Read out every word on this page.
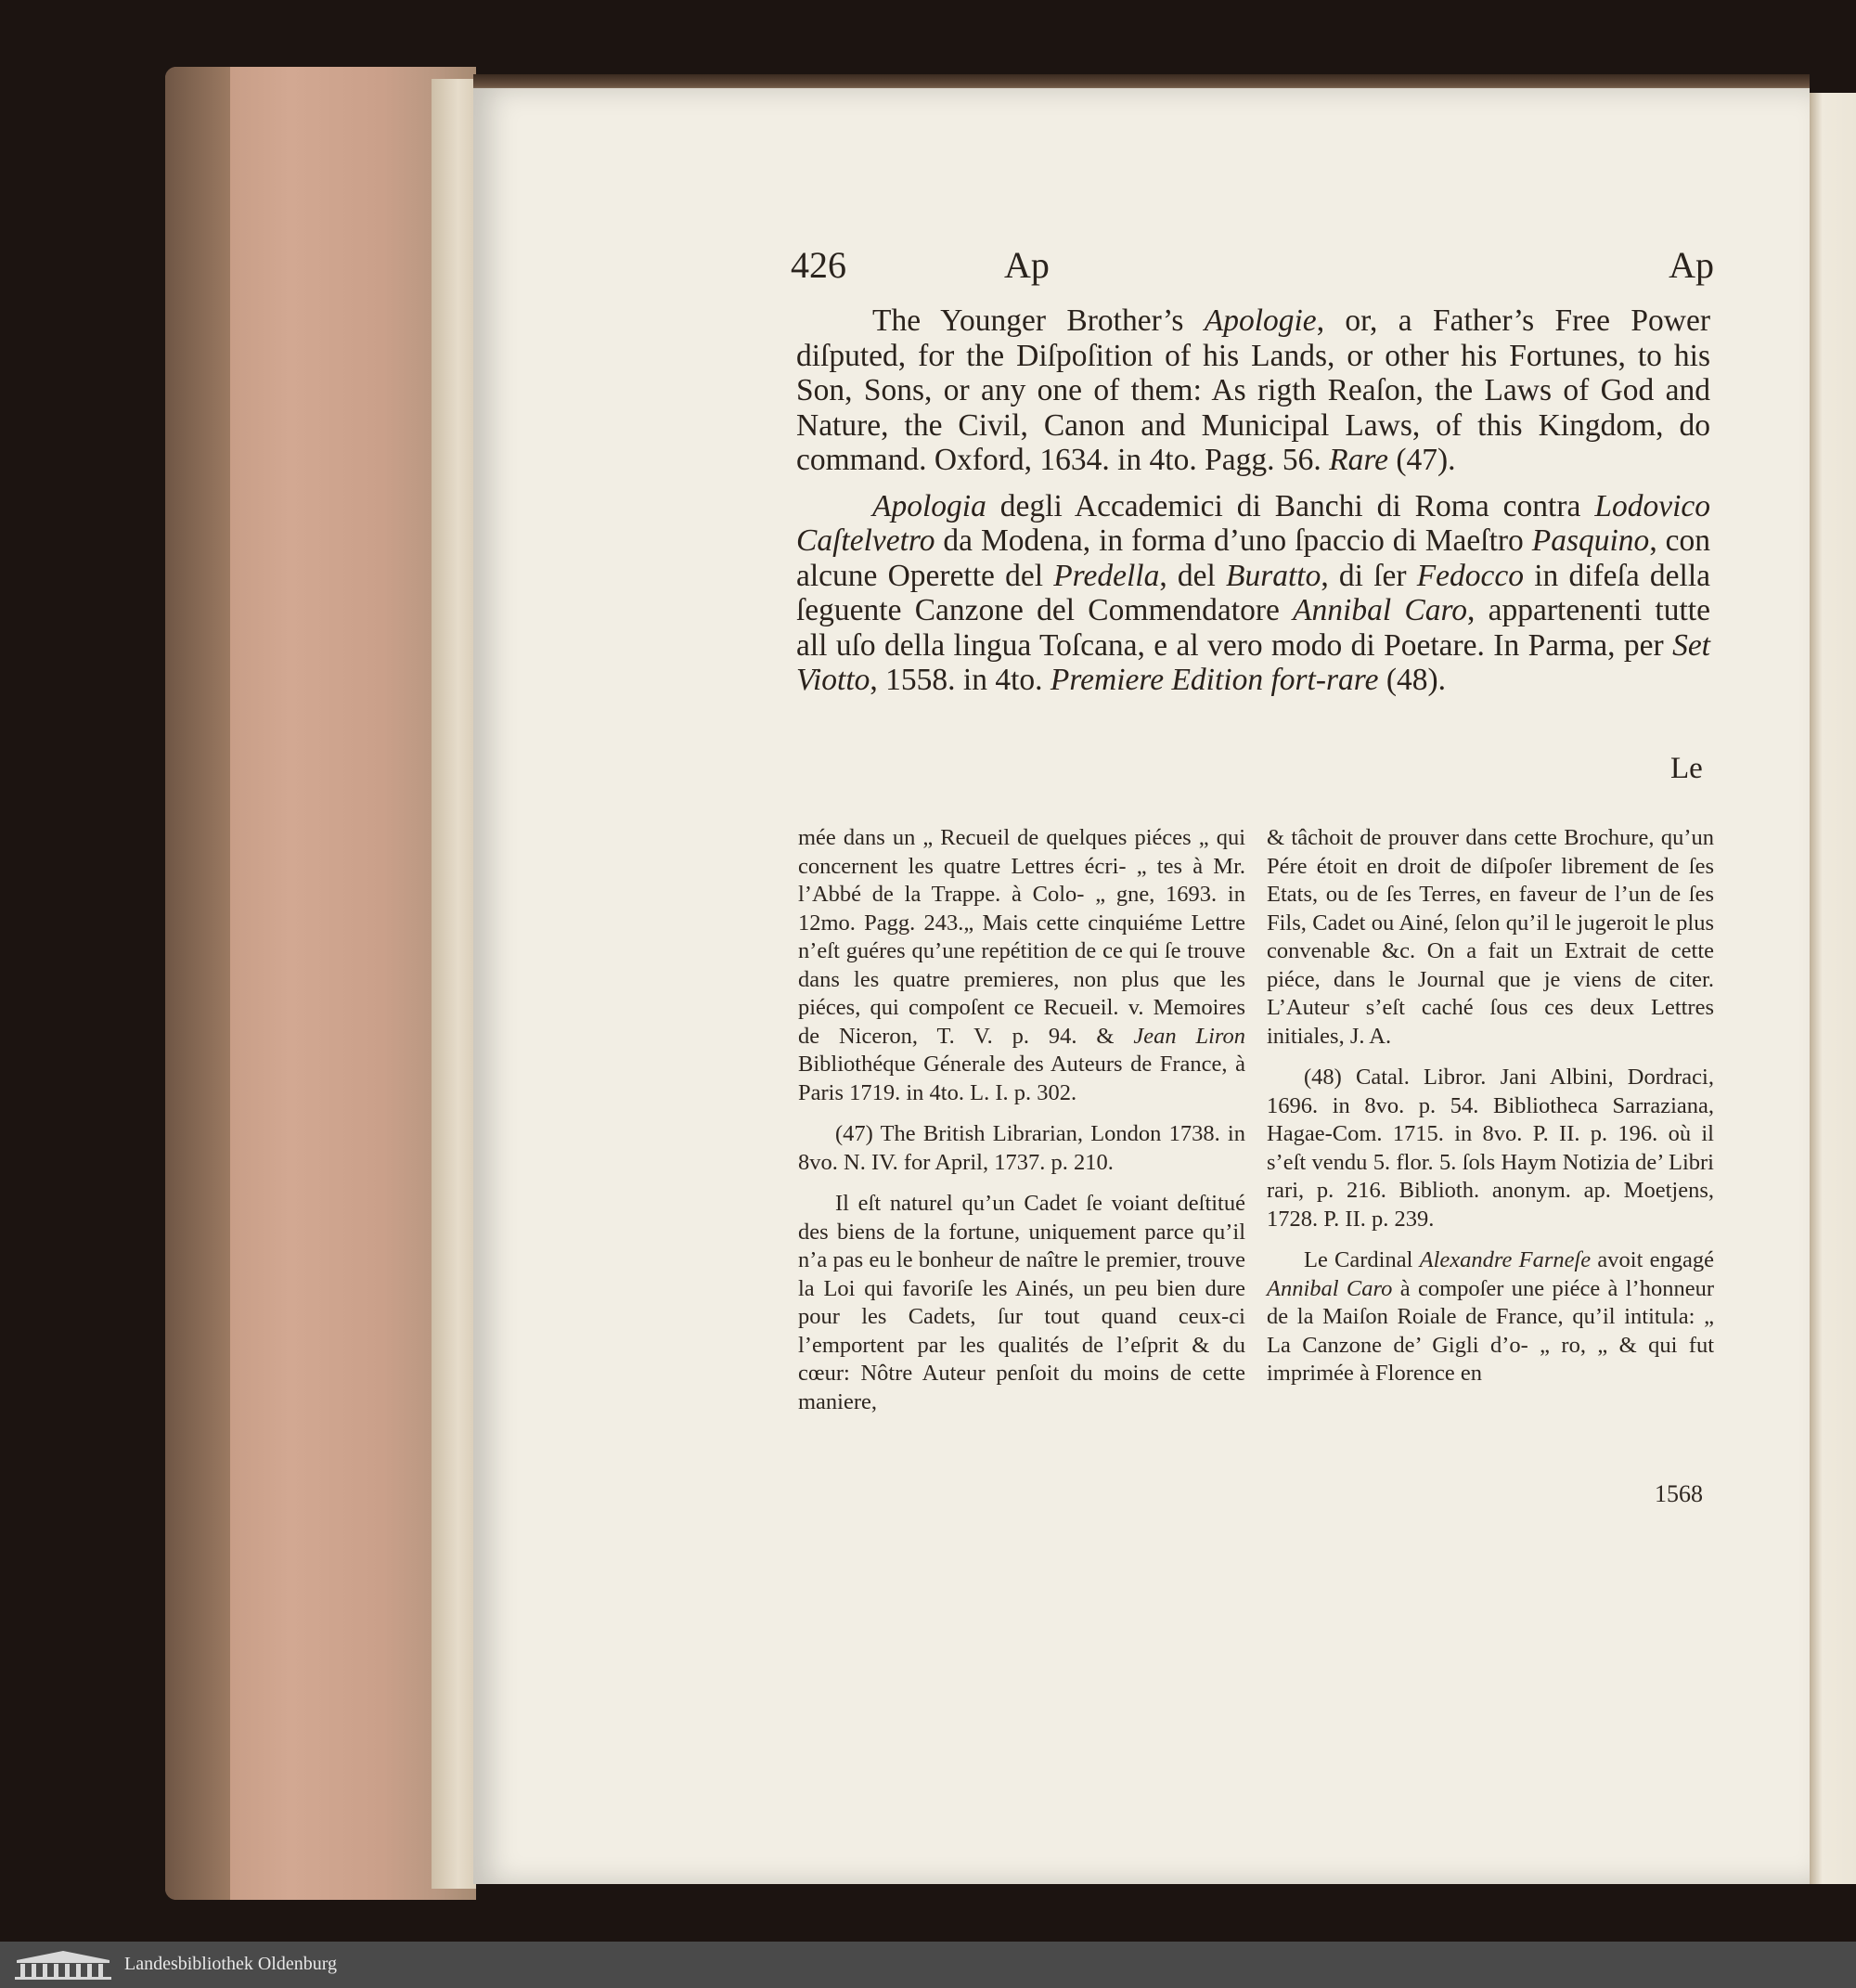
426	Ap	Ap

The Younger Brother’s Apologie, or, a Father’s Free Power diſputed, for the Diſpoſition of his Lands, or other his Fortunes, to his Son, Sons, or any one of them: As rigth Reaſon, the Laws of God and Nature, the Civil, Canon and Municipal Laws, of this Kingdom, do command. Oxford, 1634. in 4to. Pagg. 56. Rare (47).

Apologia degli Accademici di Banchi di Roma contra Lodovico Caſtelvetro da Modena, in forma d’uno ſpaccio di Maeſtro Pasquino, con alcune Operette del Predella, del Buratto, di ſer Fedocco in difeſa della ſeguente Canzone del Commendatore Annibal Caro, appartenenti tutte all uſo della lingua Toſcana, e al vero modo di Poetare. In Parma, per Set Viotto, 1558. in 4to. Premiere Edition fort-rare (48).

Le

mée dans un „ Recueil de quelques piéces „ qui concernent les quatre Lettres écri- „ tes à Mr. l’Abbé de la Trappe. à Colo- „ gne, 1693. in 12mo. Pagg. 243.„ Mais cette cinquiéme Lettre n’eſt guéres qu’une repétition de ce qui ſe trouve dans les quatre premieres, non plus que les piéces, qui compoſent ce Recueil. v. Memoires de Niceron, T. V. p. 94. & Jean Liron Bibliothéque Génerale des Auteurs de France, à Paris 1719. in 4to. L. I. p. 302.

(47) The British Librarian, London 1738. in 8vo. N. IV. for April, 1737. p. 210.

Il eſt naturel qu’un Cadet ſe voiant deſtitué des biens de la fortune, uniquement parce qu’il n’a pas eu le bonheur de naître le premier, trouve la Loi qui favoriſe les Ainés, un peu bien dure pour les Cadets, ſur tout quand ceux-ci l’emportent par les qualités de l’eſprit & du cœur: Nôtre Auteur penſoit du moins de cette maniere,

& tâchoit de prouver dans cette Brochure, qu’un Pére étoit en droit de diſpoſer librement de ſes Etats, ou de ſes Terres, en faveur de l’un de ſes Fils, Cadet ou Ainé, ſelon qu’il le jugeroit le plus convenable &c. On a fait un Extrait de cette piéce, dans le Journal que je viens de citer. L’Auteur s’eſt caché ſous ces deux Lettres initiales, J. A.

(48) Catal. Libror. Jani Albini, Dordraci, 1696. in 8vo. p. 54. Bibliotheca Sarraziana, Hagae-Com. 1715. in 8vo. P. II. p. 196. où il s’eſt vendu 5. flor. 5. ſols Haym Notizia de’ Libri rari, p. 216. Biblioth. anonym. ap. Moetjens, 1728. P. II. p. 239.

Le Cardinal Alexandre Farneſe avoit engagé Annibal Caro à compoſer une piéce à l’honneur de la Maiſon Roiale de France, qu’il intitula: „ La Canzone de’ Gigli d’o- „ ro, „ & qui fut imprimée à Florence en

1568
Landesbibliothek Oldenburg
